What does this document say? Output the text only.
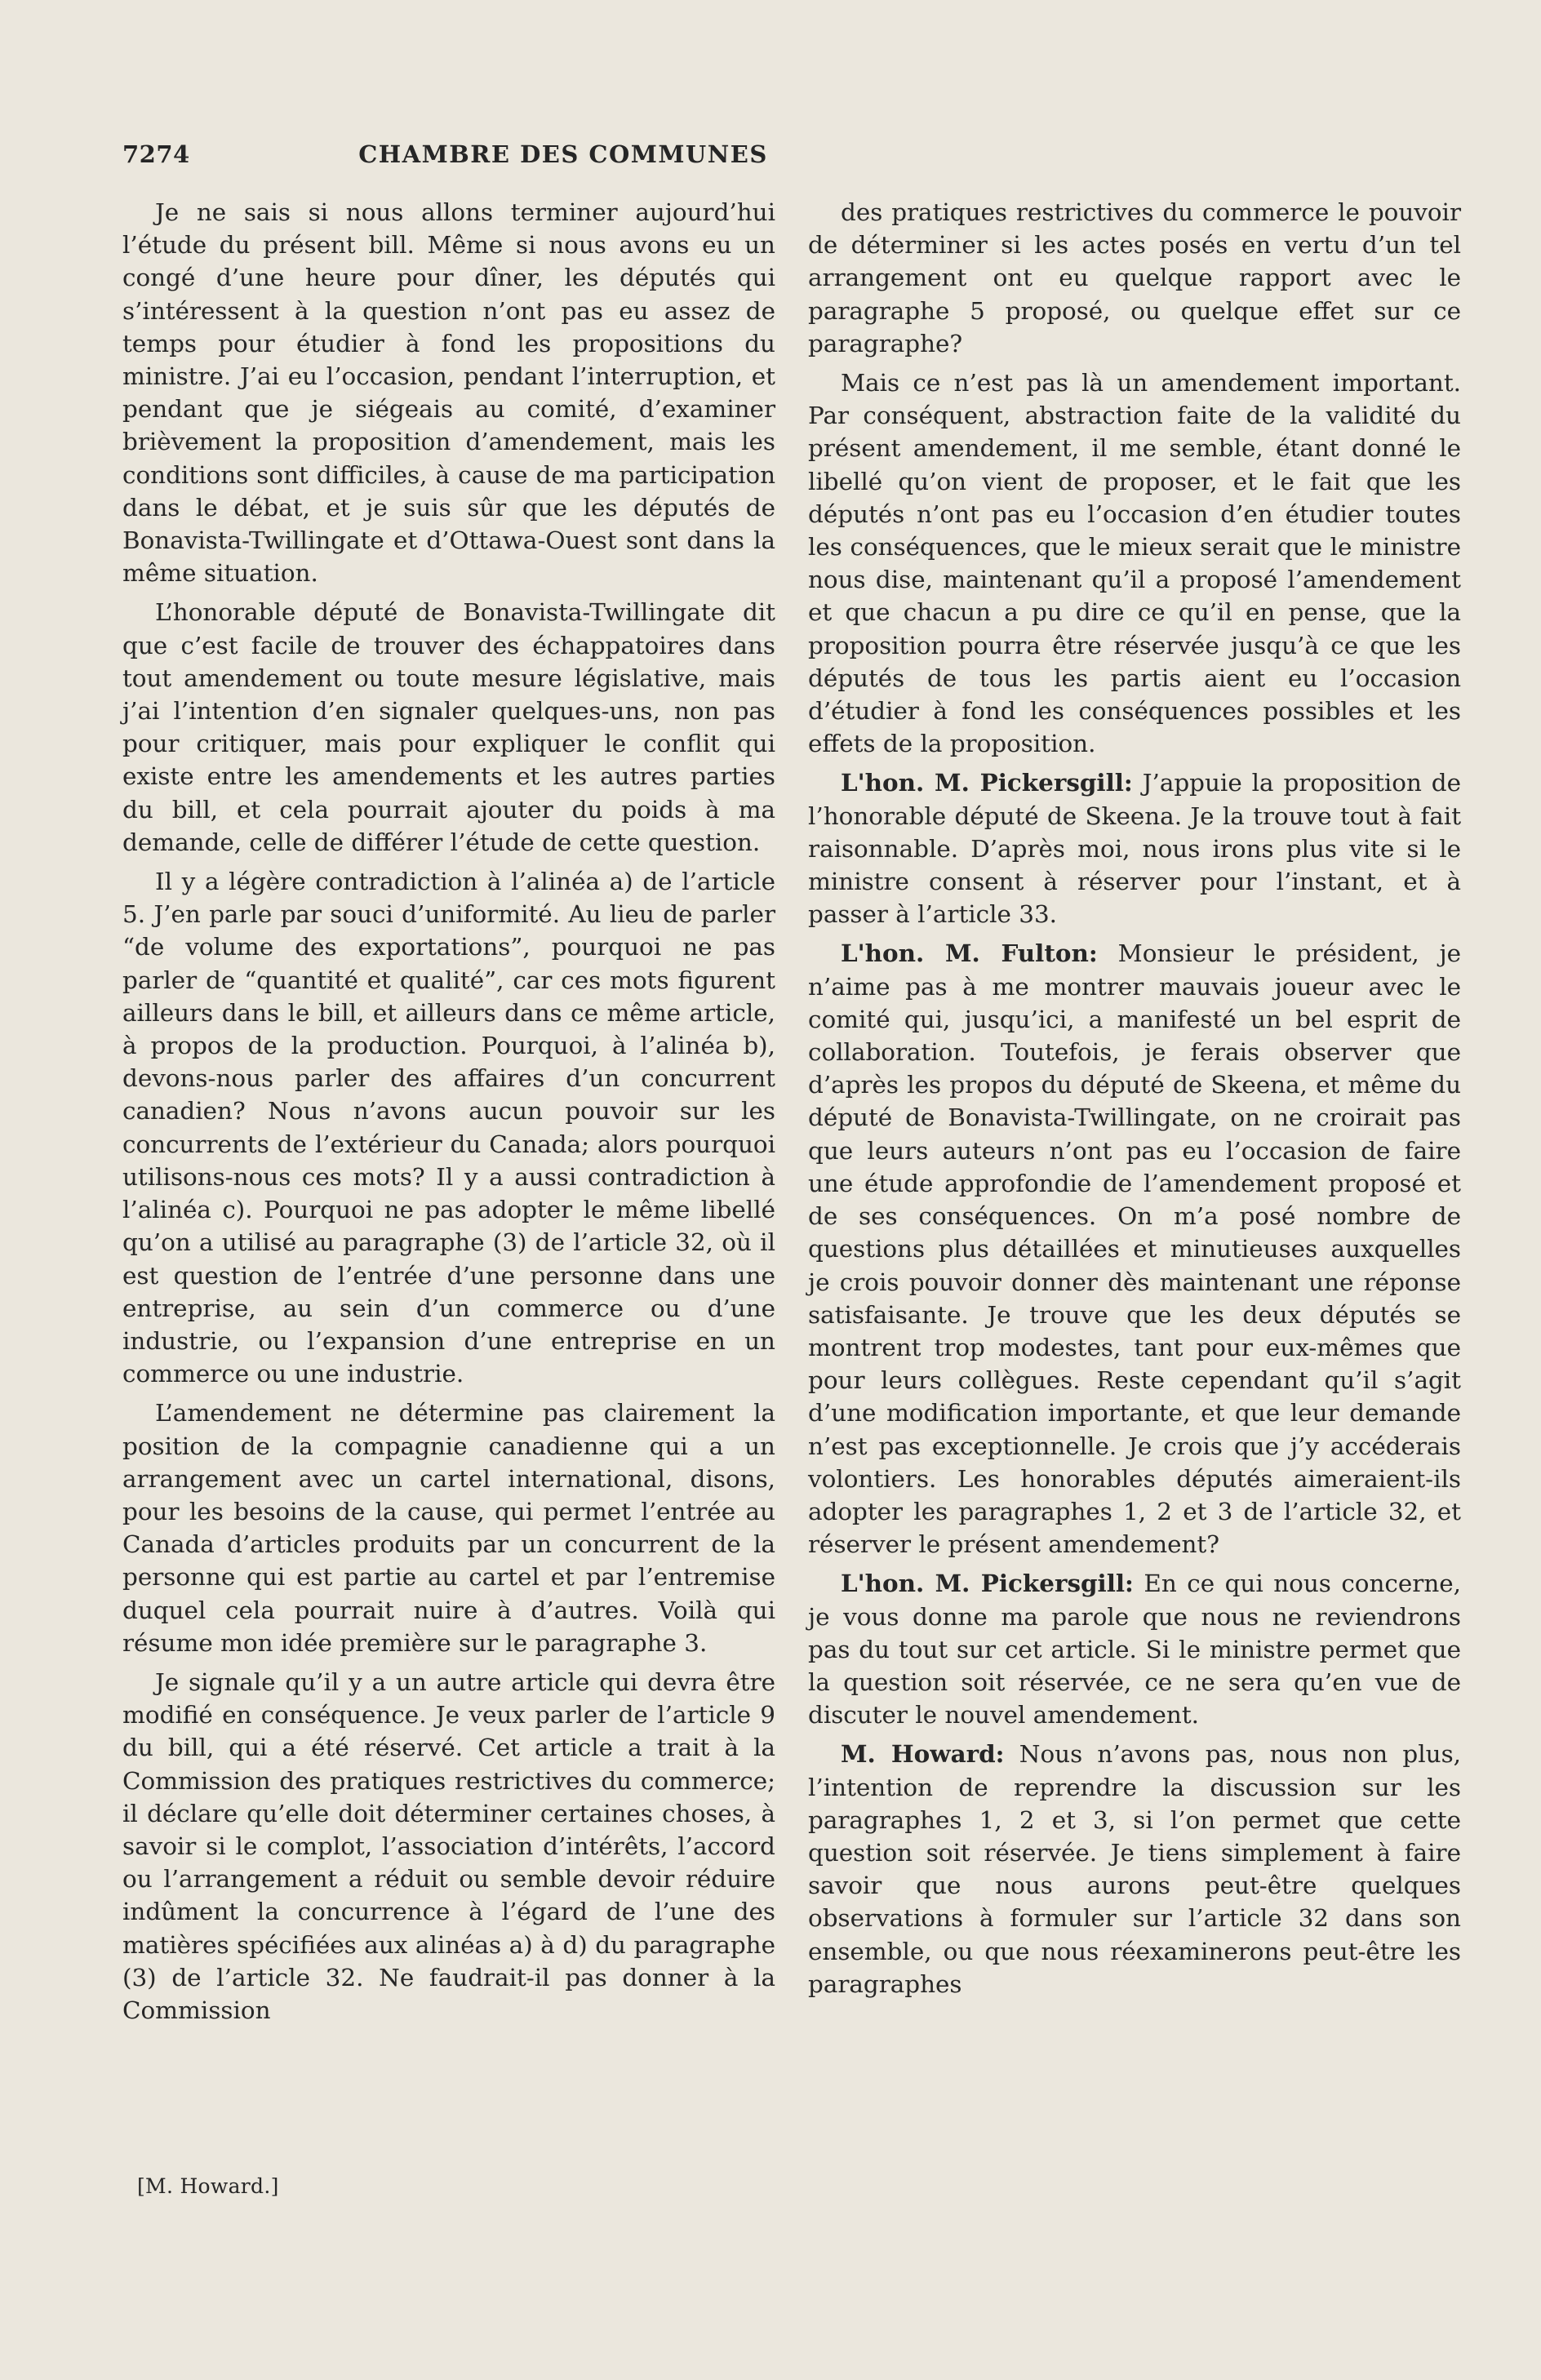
7274	CHAMBRE DES COMMUNES

Je ne sais si nous allons terminer aujourd’hui l’étude du présent bill. Même si nous avons eu un congé d’une heure pour dîner, les députés qui s’intéressent à la question n’ont pas eu assez de temps pour étudier à fond les propositions du ministre. J’ai eu l’occasion, pendant l’interruption, et pendant que je siégeais au comité, d’examiner brièvement la proposition d’amendement, mais les conditions sont difficiles, à cause de ma participation dans le débat, et je suis sûr que les députés de Bonavista-Twillingate et d’Ottawa-Ouest sont dans la même situation.

L’honorable député de Bonavista-Twillingate dit que c’est facile de trouver des échappatoires dans tout amendement ou toute mesure législative, mais j’ai l’intention d’en signaler quelques-uns, non pas pour critiquer, mais pour expliquer le conflit qui existe entre les amendements et les autres parties du bill, et cela pourrait ajouter du poids à ma demande, celle de différer l’étude de cette question.

Il y a légère contradiction à l’alinéa a) de l’article 5. J’en parle par souci d’uniformité. Au lieu de parler “de volume des exportations”, pourquoi ne pas parler de “quantité et qualité”, car ces mots figurent ailleurs dans le bill, et ailleurs dans ce même article, à propos de la production. Pourquoi, à l’alinéa b), devons-nous parler des affaires d’un concurrent canadien? Nous n’avons aucun pouvoir sur les concurrents de l’extérieur du Canada; alors pourquoi utilisons-nous ces mots? Il y a aussi contradiction à l’alinéa c). Pourquoi ne pas adopter le même libellé qu’on a utilisé au paragraphe (3) de l’article 32, où il est question de l’entrée d’une personne dans une entreprise, au sein d’un commerce ou d’une industrie, ou l’expansion d’une entreprise en un commerce ou une industrie.

L’amendement ne détermine pas clairement la position de la compagnie canadienne qui a un arrangement avec un cartel international, disons, pour les besoins de la cause, qui permet l’entrée au Canada d’articles produits par un concurrent de la personne qui est partie au cartel et par l’entremise duquel cela pourrait nuire à d’autres. Voilà qui résume mon idée première sur le paragraphe 3.

Je signale qu’il y a un autre article qui devra être modifié en conséquence. Je veux parler de l’article 9 du bill, qui a été réservé. Cet article a trait à la Commission des pratiques restrictives du commerce; il déclare qu’elle doit déterminer certaines choses, à savoir si le complot, l’association d’intérêts, l’accord ou l’arrangement a réduit ou semble devoir réduire indûment la concurrence à l’égard de l’une des matières spécifiées aux alinéas a) à d) du paragraphe (3) de l’article 32. Ne faudrait-il pas donner à la Commission

des pratiques restrictives du commerce le pouvoir de déterminer si les actes posés en vertu d’un tel arrangement ont eu quelque rapport avec le paragraphe 5 proposé, ou quelque effet sur ce paragraphe?

Mais ce n’est pas là un amendement important. Par conséquent, abstraction faite de la validité du présent amendement, il me semble, étant donné le libellé qu’on vient de proposer, et le fait que les députés n’ont pas eu l’occasion d’en étudier toutes les conséquences, que le mieux serait que le ministre nous dise, maintenant qu’il a proposé l’amendement et que chacun a pu dire ce qu’il en pense, que la proposition pourra être réservée jusqu’à ce que les députés de tous les partis aient eu l’occasion d’étudier à fond les conséquences possibles et les effets de la proposition.

L'hon. M. Pickersgill: J’appuie la proposition de l’honorable député de Skeena. Je la trouve tout à fait raisonnable. D’après moi, nous irons plus vite si le ministre consent à réserver pour l’instant, et à passer à l’article 33.

L'hon. M. Fulton: Monsieur le président, je n’aime pas à me montrer mauvais joueur avec le comité qui, jusqu’ici, a manifesté un bel esprit de collaboration. Toutefois, je ferais observer que d’après les propos du député de Skeena, et même du député de Bonavista-Twillingate, on ne croirait pas que leurs auteurs n’ont pas eu l’occasion de faire une étude approfondie de l’amendement proposé et de ses conséquences. On m’a posé nombre de questions plus détaillées et minutieuses auxquelles je crois pouvoir donner dès maintenant une réponse satisfaisante. Je trouve que les deux députés se montrent trop modestes, tant pour eux-mêmes que pour leurs collègues. Reste cependant qu’il s’agit d’une modification importante, et que leur demande n’est pas exceptionnelle. Je crois que j’y accéderais volontiers. Les honorables députés aimeraient-ils adopter les paragraphes 1, 2 et 3 de l’article 32, et réserver le présent amendement?

L'hon. M. Pickersgill: En ce qui nous concerne, je vous donne ma parole que nous ne reviendrons pas du tout sur cet article. Si le ministre permet que la question soit réservée, ce ne sera qu’en vue de discuter le nouvel amendement.

M. Howard: Nous n’avons pas, nous non plus, l’intention de reprendre la discussion sur les paragraphes 1, 2 et 3, si l’on permet que cette question soit réservée. Je tiens simplement à faire savoir que nous aurons peut-être quelques observations à formuler sur l’article 32 dans son ensemble, ou que nous réexaminerons peut-être les paragraphes

[M. Howard.]
